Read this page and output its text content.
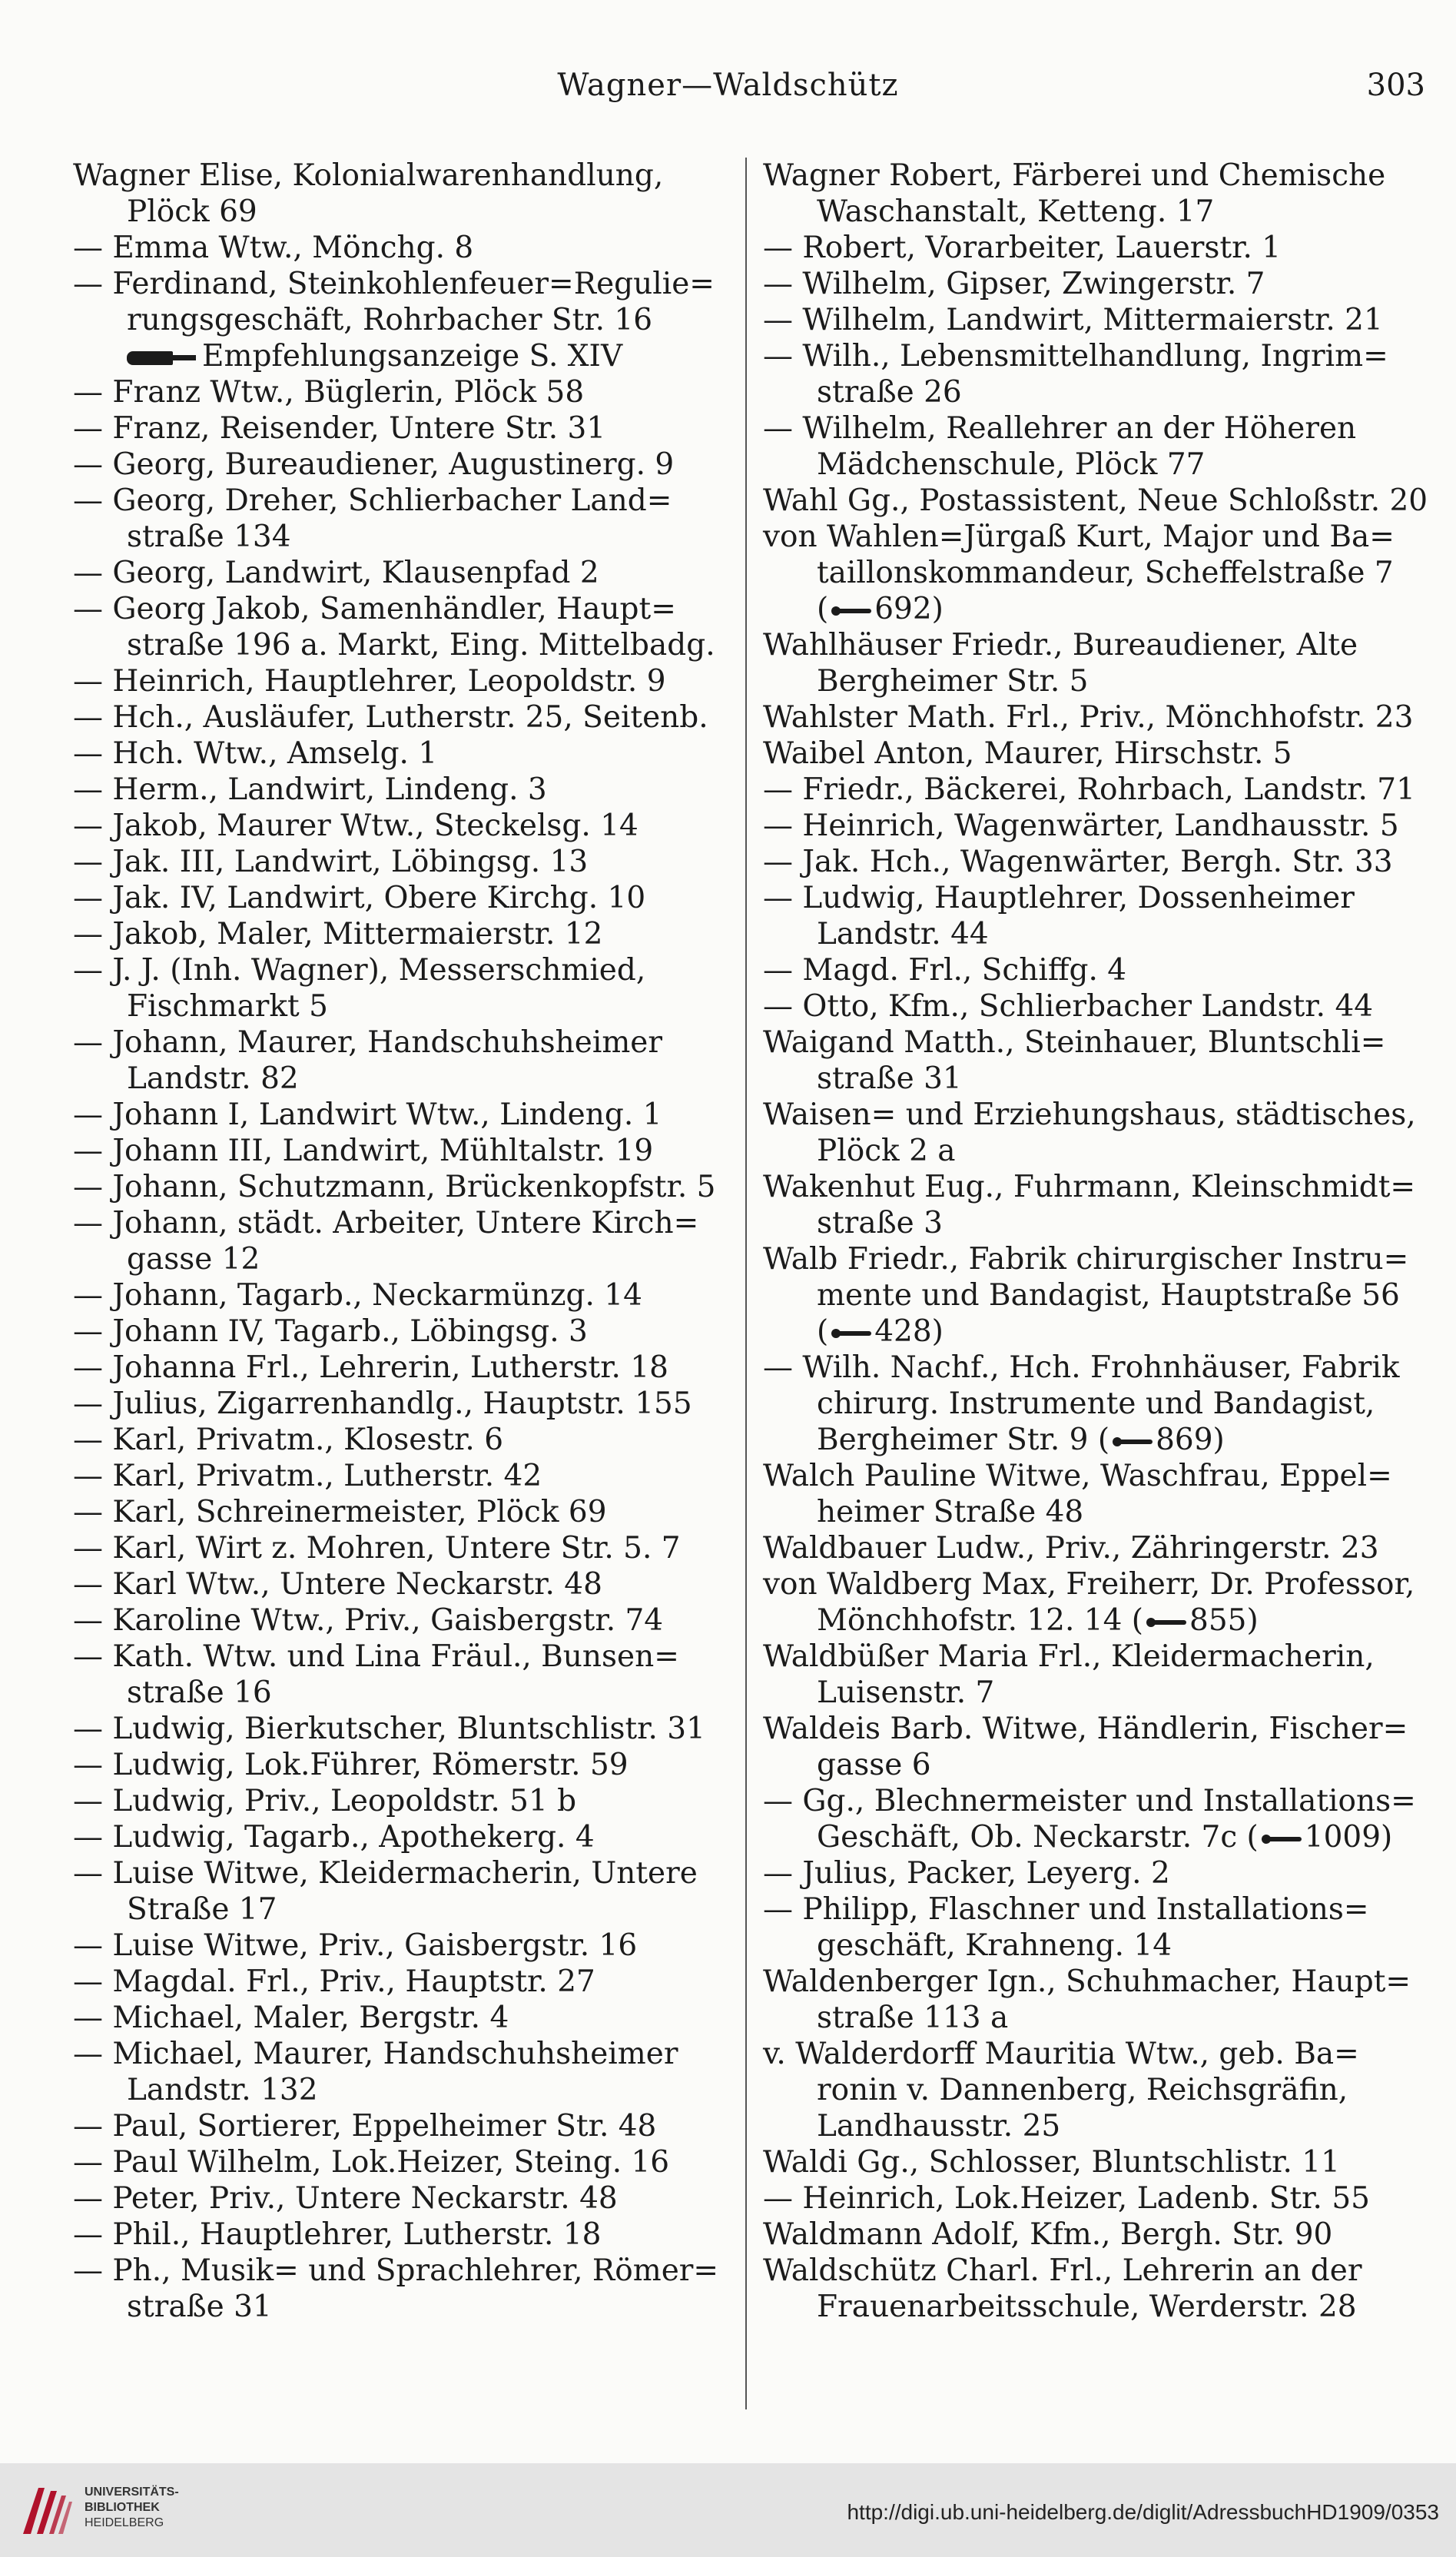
Wagner—Waldschütz	303

Wagner Elise, Kolonialwarenhandlung,

Plöck 69

— Emma Wtw., Mönchg. 8

— Ferdinand, Steinkohlenfeuer=Regulie=

rungsgeschäft, Rohrbacher Str. 16

Empfehlungsanzeige S. XIV

— Franz Wtw., Büglerin, Plöck 58

— Franz, Reisender, Untere Str. 31

— Georg, Bureaudiener, Augustinerg. 9

— Georg, Dreher, Schlierbacher Land=

straße 134

— Georg, Landwirt, Klausenpfad 2

— Georg Jakob, Samenhändler, Haupt=

straße 196 a. Markt, Eing. Mittelbadg.

— Heinrich, Hauptlehrer, Leopoldstr. 9

— Hch., Ausläufer, Lutherstr. 25, Seitenb.

— Hch. Wtw., Amselg. 1

— Herm., Landwirt, Lindeng. 3

— Jakob, Maurer Wtw., Steckelsg. 14

— Jak. III, Landwirt, Löbingsg. 13

— Jak. IV, Landwirt, Obere Kirchg. 10

— Jakob, Maler, Mittermaierstr. 12

— J. J. (Inh. Wagner), Messerschmied,

Fischmarkt 5

— Johann, Maurer, Handschuhsheimer

Landstr. 82

— Johann I, Landwirt Wtw., Lindeng. 1

— Johann III, Landwirt, Mühltalstr. 19

— Johann, Schutzmann, Brückenkopfstr. 5

— Johann, städt. Arbeiter, Untere Kirch=

gasse 12

— Johann, Tagarb., Neckarmünzg. 14

— Johann IV, Tagarb., Löbingsg. 3

— Johanna Frl., Lehrerin, Lutherstr. 18

— Julius, Zigarrenhandlg., Hauptstr. 155

— Karl, Privatm., Klosestr. 6

— Karl, Privatm., Lutherstr. 42

— Karl, Schreinermeister, Plöck 69

— Karl, Wirt z. Mohren, Untere Str. 5. 7

— Karl Wtw., Untere Neckarstr. 48

— Karoline Wtw., Priv., Gaisbergstr. 74

— Kath. Wtw. und Lina Fräul., Bunsen=

straße 16

— Ludwig, Bierkutscher, Bluntschlistr. 31

— Ludwig, Lok.Führer, Römerstr. 59

— Ludwig, Priv., Leopoldstr. 51 b

— Ludwig, Tagarb., Apothekerg. 4

— Luise Witwe, Kleidermacherin, Untere

Straße 17

— Luise Witwe, Priv., Gaisbergstr. 16

— Magdal. Frl., Priv., Hauptstr. 27

— Michael, Maler, Bergstr. 4

— Michael, Maurer, Handschuhsheimer

Landstr. 132

— Paul, Sortierer, Eppelheimer Str. 48

— Paul Wilhelm, Lok.Heizer, Steing. 16

— Peter, Priv., Untere Neckarstr. 48

— Phil., Hauptlehrer, Lutherstr. 18

— Ph., Musik= und Sprachlehrer, Römer=

straße 31

Wagner Robert, Färberei und Chemische

Waschanstalt, Ketteng. 17

— Robert, Vorarbeiter, Lauerstr. 1

— Wilhelm, Gipser, Zwingerstr. 7

— Wilhelm, Landwirt, Mittermaierstr. 21

— Wilh., Lebensmittelhandlung, Ingrim=

straße 26

— Wilhelm, Reallehrer an der Höheren

Mädchenschule, Plöck 77

Wahl Gg., Postassistent, Neue Schloßstr. 20

von Wahlen=Jürgaß Kurt, Major und Ba=

taillonskommandeur, Scheffelstraße 7

( 692)

Wahlhäuser Friedr., Bureaudiener, Alte

Bergheimer Str. 5

Wahlster Math. Frl., Priv., Mönchhofstr. 23

Waibel Anton, Maurer, Hirschstr. 5

— Friedr., Bäckerei, Rohrbach, Landstr. 71

— Heinrich, Wagenwärter, Landhausstr. 5

— Jak. Hch., Wagenwärter, Bergh. Str. 33

— Ludwig, Hauptlehrer, Dossenheimer

Landstr. 44

— Magd. Frl., Schiffg. 4

— Otto, Kfm., Schlierbacher Landstr. 44

Waigand Matth., Steinhauer, Bluntschli=

straße 31

Waisen= und Erziehungshaus, städtisches,

Plöck 2 a

Wakenhut Eug., Fuhrmann, Kleinschmidt=

straße 3

Walb Friedr., Fabrik chirurgischer Instru=

mente und Bandagist, Hauptstraße 56

( 428)

— Wilh. Nachf., Hch. Frohnhäuser, Fabrik

chirurg. Instrumente und Bandagist,

Bergheimer Str. 9 ( 869)

Walch Pauline Witwe, Waschfrau, Eppel=

heimer Straße 48

Waldbauer Ludw., Priv., Zähringerstr. 23

von Waldberg Max, Freiherr, Dr. Professor,

Mönchhofstr. 12. 14 ( 855)

Waldbüßer Maria Frl., Kleidermacherin,

Luisenstr. 7

Waldeis Barb. Witwe, Händlerin, Fischer=

gasse 6

— Gg., Blechnermeister und Installations=

Geschäft, Ob. Neckarstr. 7c ( 1009)

— Julius, Packer, Leyerg. 2

— Philipp, Flaschner und Installations=

geschäft, Krahneng. 14

Waldenberger Ign., Schuhmacher, Haupt=

straße 113 a

v. Walderdorff Mauritia Wtw., geb. Ba=

ronin v. Dannenberg, Reichsgräfin,

Landhausstr. 25

Waldi Gg., Schlosser, Bluntschlistr. 11

— Heinrich, Lok.Heizer, Ladenb. Str. 55

Waldmann Adolf, Kfm., Bergh. Str. 90

Waldschütz Charl. Frl., Lehrerin an der

Frauenarbeitsschule, Werderstr. 28

UNIVERSITÄTS-
BIBLIOTHEK
HEIDELBERG	http://digi.ub.uni-heidelberg.de/diglit/AdressbuchHD1909/0353
